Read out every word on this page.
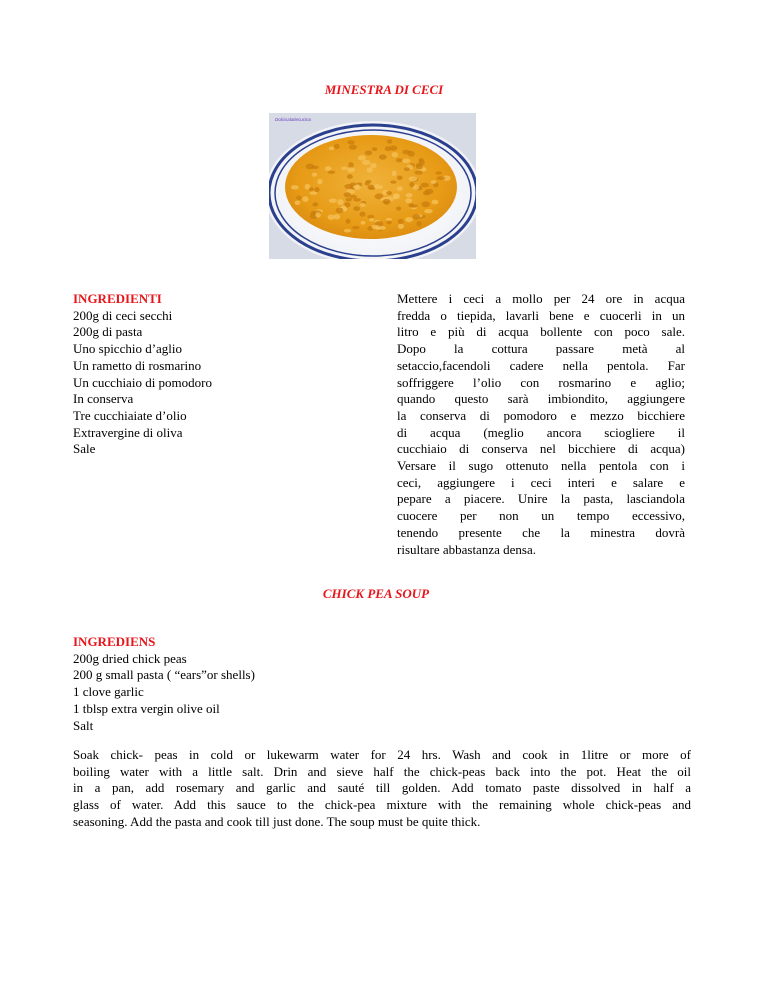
MINESTRA DI CECI
Dolcisalatiecucina
INGREDIENTI
200g di ceci secchi
200g di pasta
Uno spicchio d’aglio
Un rametto di rosmarino
Un cucchiaio di pomodoro
In conserva
Tre cucchiaiate d’olio
Extravergine di oliva
Sale
Mettere i ceci a mollo per 24 ore in acqua
fredda o tiepida, lavarli bene e cuocerli in un
litro e più di acqua bollente con poco sale.
Dopo la cottura passare metà al
setaccio,facendoli cadere nella pentola. Far
soffriggere l’olio con rosmarino e aglio;
quando questo sarà imbiondito, aggiungere
la conserva di pomodoro e mezzo bicchiere
di acqua (meglio ancora sciogliere il
cucchiaio di conserva nel bicchiere di acqua)
Versare il sugo ottenuto nella pentola con i
ceci, aggiungere i ceci interi e salare e
pepare a piacere. Unire la pasta, lasciandola
cuocere per non un tempo eccessivo,
tenendo presente che la minestra dovrà
risultare abbastanza densa.
CHICK PEA SOUP
INGREDIENS
200g dried chick peas
200 g small pasta ( “ears”or shells)
1 clove garlic
1 tblsp extra vergin olive oil
Salt
Soak chick- peas in cold or lukewarm water for 24 hrs. Wash and cook in 1litre or more of
boiling water with a little salt. Drin and sieve half the chick-peas back into the pot. Heat the oil
in a pan, add rosemary and garlic and sauté till golden. Add tomato paste dissolved in half a
glass of water. Add this sauce to the chick-pea mixture with the remaining whole chick-peas and
seasoning. Add the pasta and cook till just done. The soup must be quite thick.
